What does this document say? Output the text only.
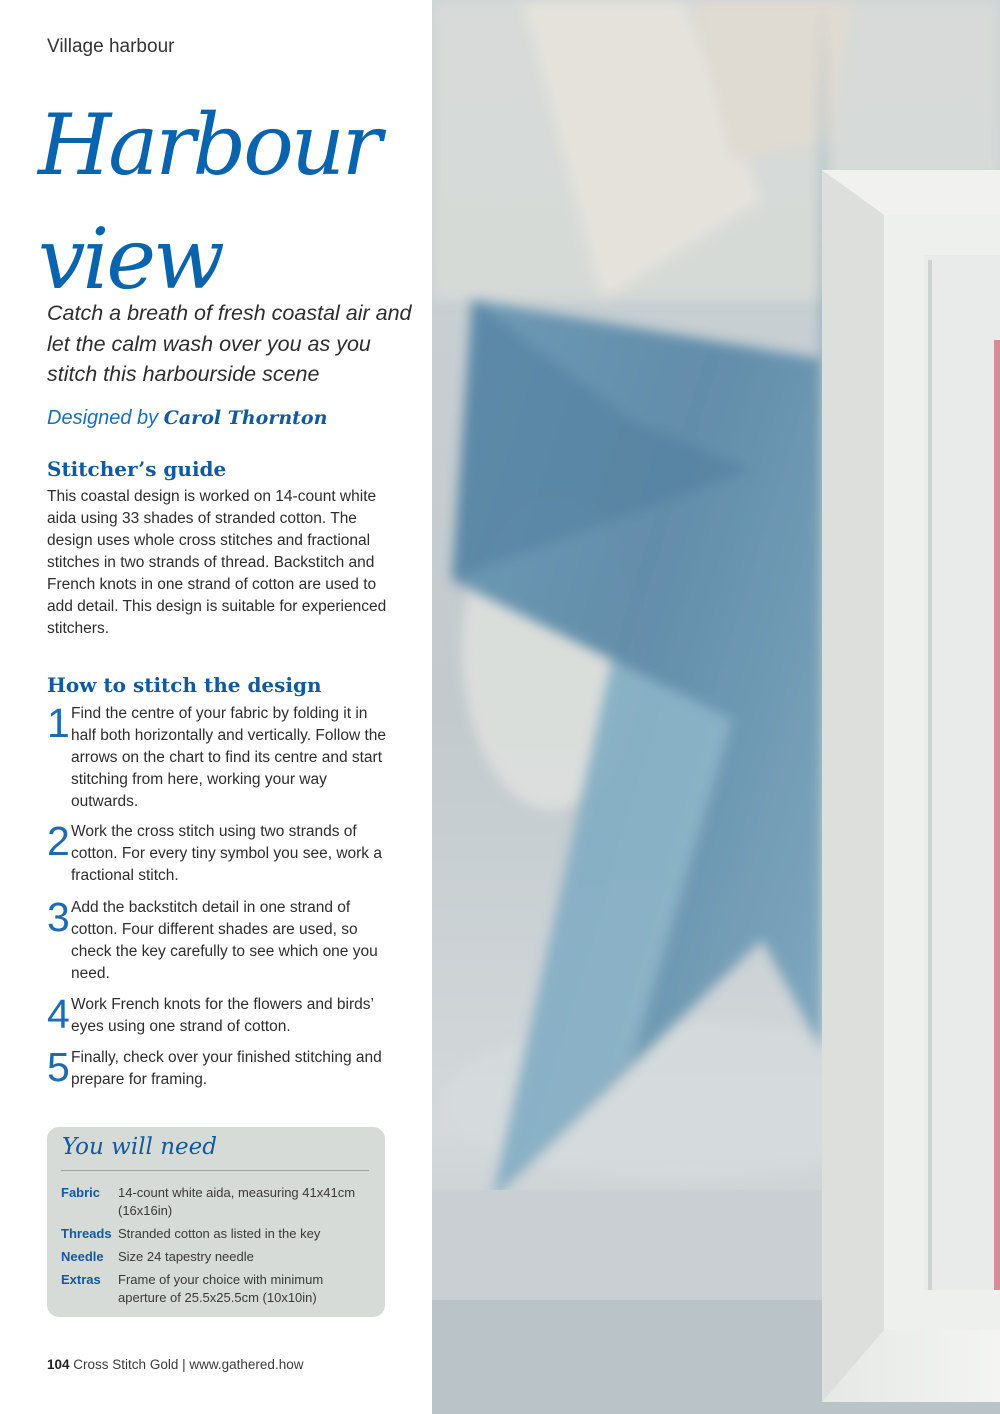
Village harbour
Harbour
view
Catch a breath of fresh coastal air and let the calm wash over you as you stitch this harbourside scene
Designed by Carol Thornton
Stitcher’s guide
This coastal design is worked on 14-count white aida using 33 shades of stranded cotton. The design uses whole cross stitches and fractional stitches in two strands of thread. Backstitch and French knots in one strand of cotton are used to add detail. This design is suitable for experienced stitchers.
How to stitch the design
1 Find the centre of your fabric by folding it in half both horizontally and vertically. Follow the arrows on the chart to find its centre and start stitching from here, working your way outwards.
2 Work the cross stitch using two strands of cotton. For every tiny symbol you see, work a fractional stitch.
3 Add the backstitch detail in one strand of cotton. Four different shades are used, so check the key carefully to see which one you need.
4 Work French knots for the flowers and birds’ eyes using one strand of cotton.
5 Finally, check over your finished stitching and prepare for framing.
You will need
Fabric 14-count white aida, measuring 41x41cm (16x16in)
Threads Stranded cotton as listed in the key
Needle Size 24 tapestry needle
Extras Frame of your choice with minimum aperture of 25.5x25.5cm (10x10in)
104 Cross Stitch Gold | www.gathered.how
